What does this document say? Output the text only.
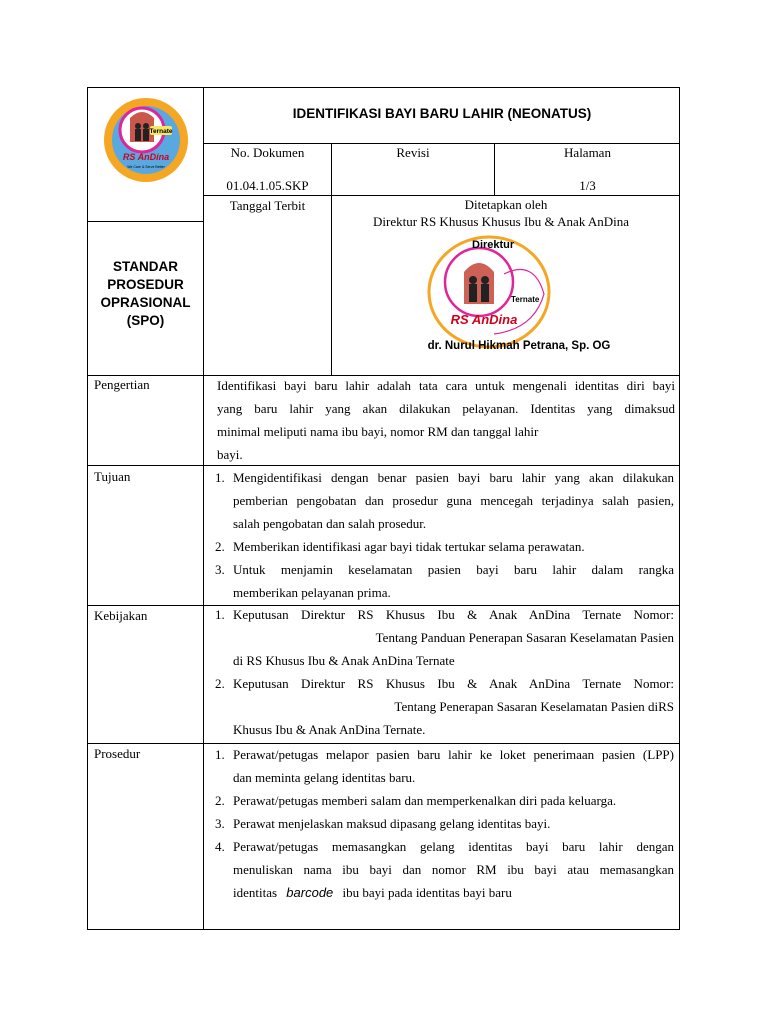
Ternate
RS AnDina
We Care & Serve Better
IDENTIFIKASI BAYI BARU LAHIR (NEONATUS)
No. Dokumen
01.04.1.05.SKP
Revisi	Halaman
1/3
Tanggal Terbit	Ditetapkan oleh
Direktur RS Khusus Khusus Ibu & Anak AnDina
Ternate
RS AnDina
Direktur
dr. Nurul Hikmah Petrana, Sp. OG
STANDAR
PROSEDUR
OPRASIONAL
(SPO)
Pengertian	Identifikasi bayi baru lahir adalah tata cara untuk mengenali identitas diri bayi
yang baru lahir yang akan dilakukan pelayanan. Identitas yang dimaksud
minimal meliputi nama ibu bayi, nomor RM dan tanggal lahir
bayi.
Tujuan	1. Mengidentifikasi dengan benar pasien bayi baru lahir yang akan dilakukan
pemberian pengobatan dan prosedur guna mencegah terjadinya salah pasien,
salah pengobatan dan salah prosedur.
2. Memberikan identifikasi agar bayi tidak tertukar selama perawatan.
3. Untuk menjamin keselamatan pasien bayi baru lahir dalam rangka
memberikan pelayanan prima.
Kebijakan	1. Keputusan Direktur RS Khusus Ibu & Anak AnDina Ternate Nomor:
Tentang Panduan Penerapan Sasaran Keselamatan Pasien
di RS Khusus Ibu & Anak AnDina Ternate
2. Keputusan Direktur RS Khusus Ibu & Anak AnDina Ternate Nomor:
Tentang Penerapan Sasaran Keselamatan Pasien diRS
Khusus Ibu & Anak AnDina Ternate.
Prosedur	1. Perawat/petugas melapor pasien baru lahir ke loket penerimaan pasien (LPP)
dan meminta gelang identitas baru.
2. Perawat/petugas memberi salam dan memperkenalkan diri pada keluarga.
3. Perawat menjelaskan maksud dipasang gelang identitas bayi.
4. Perawat/petugas memasangkan gelang identitas bayi baru lahir dengan
menuliskan nama ibu bayi dan nomor RM ibu bayi atau memasangkan
identitas barcode ibu bayi pada identitas bayi baru
